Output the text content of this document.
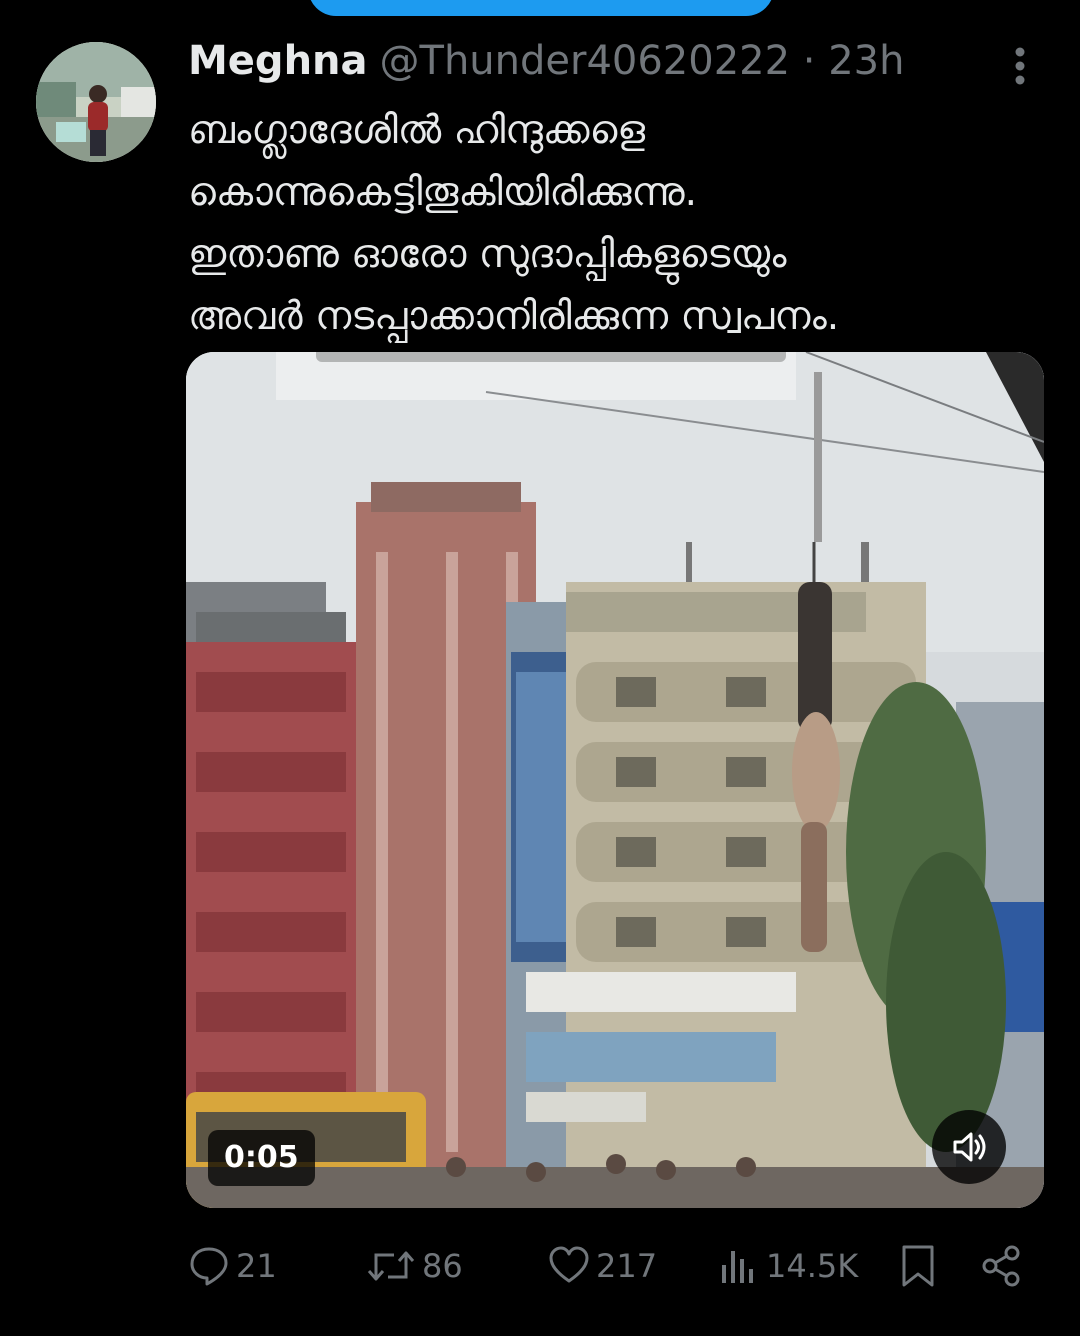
Meghna @Thunder40620222 · 23h
ബംഗ്ലാദേശിൽ ഹിന്ദുക്കളെ
കൊന്നുകെട്ടിതൂകിയിരിക്കുന്നു.
ഇതാണു ഓരോ സുദാപ്പികളുടെയും
അവർ നടപ്പാക്കാനിരിക്കുന്ന സ്വപനം.
0:05
21	86	217	14.5K
